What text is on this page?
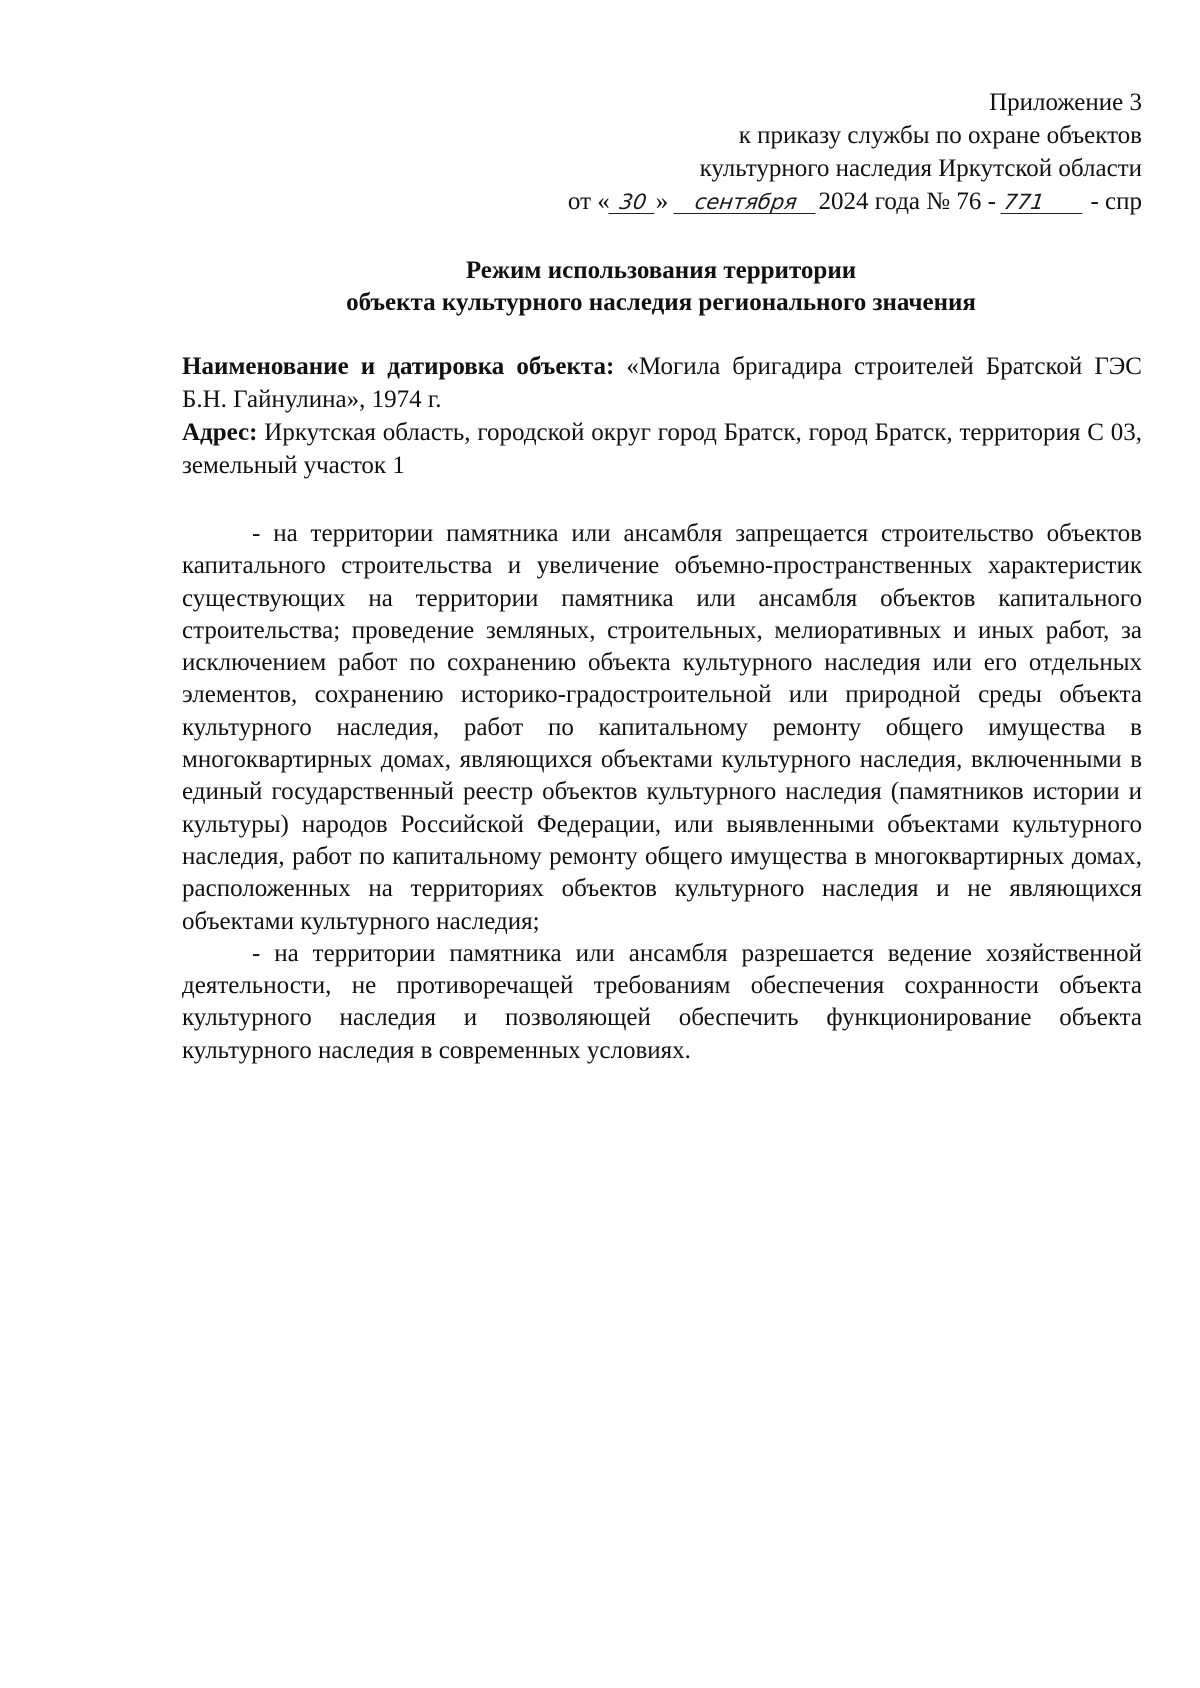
Приложение 3
к приказу службы по охране объектов
культурного наследия Иркутской области
от « 30 » сентября 2024 года № 76 - 771 - спр
Режим использования территории
объекта культурного наследия регионального значения

Наименование и датировка объекта: «Могила бригадира строителей Братской ГЭС Б.Н. Гайнулина», 1974 г.

Адрес: Иркутская область, городской округ город Братск, город Братск, территория С 03, земельный участок 1

- на территории памятника или ансамбля запрещается строительство объектов капитального строительства и увеличение объемно-пространственных характеристик существующих на территории памятника или ансамбля объектов капитального строительства; проведение земляных, строительных, мелиоративных и иных работ, за исключением работ по сохранению объекта культурного наследия или его отдельных элементов, сохранению историко-градостроительной или природной среды объекта культурного наследия, работ по капитальному ремонту общего имущества в многоквартирных домах, являющихся объектами культурного наследия, включенными в единый государственный реестр объектов культурного наследия (памятников истории и культуры) народов Российской Федерации, или выявленными объектами культурного наследия, работ по капитальному ремонту общего имущества в многоквартирных домах, расположенных на территориях объектов культурного наследия и не являющихся объектами культурного наследия;

- на территории памятника или ансамбля разрешается ведение хозяйственной деятельности, не противоречащей требованиям обеспечения сохранности объекта культурного наследия и позволяющей обеспечить функционирование объекта культурного наследия в современных условиях.
